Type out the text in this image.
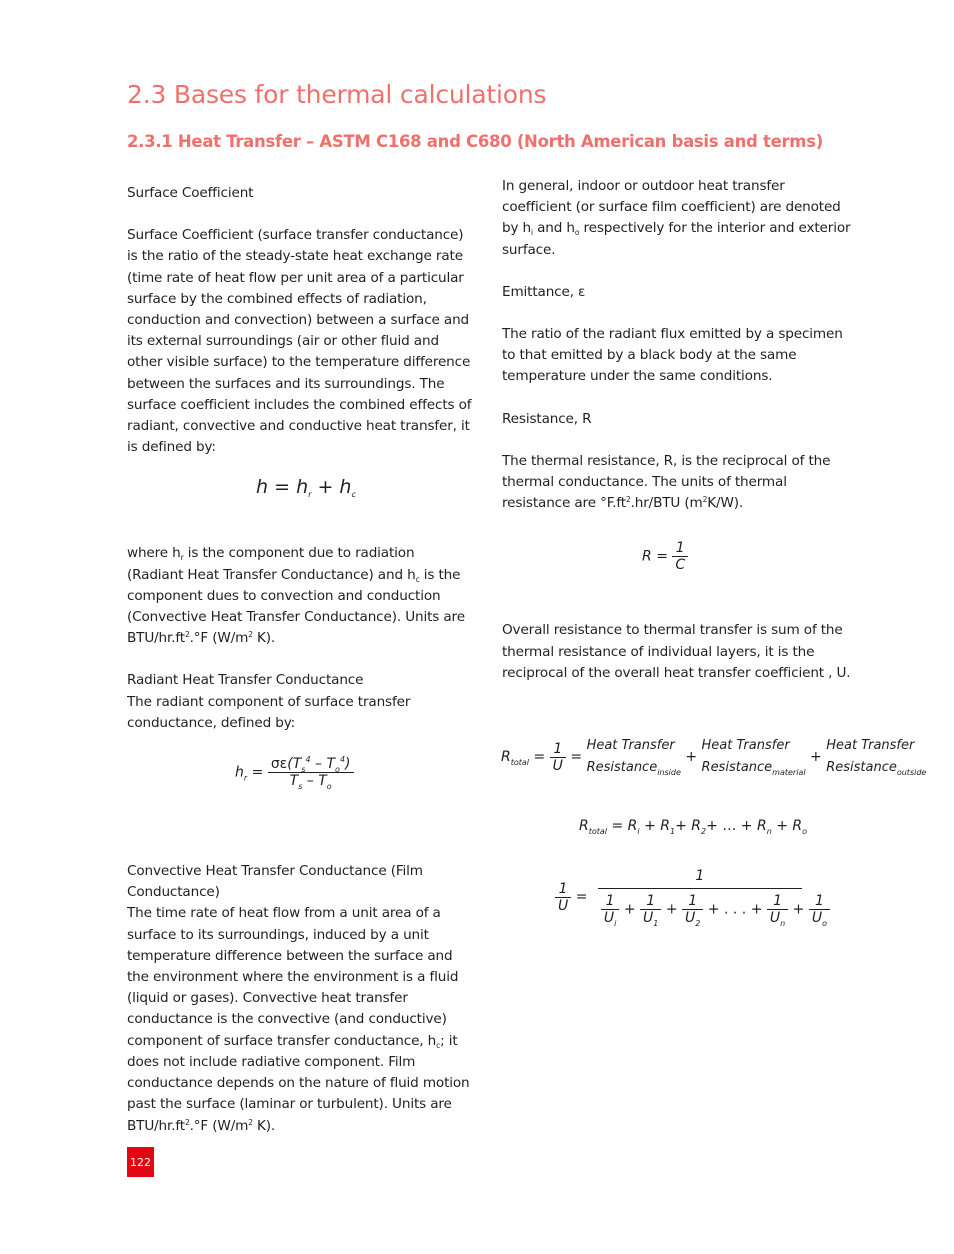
2.3 Bases for thermal calculations
2.3.1 Heat Transfer – ASTM C168 and C680 (North American basis and terms)

Surface Coefficient

Surface Coefficient (surface transfer conductance) is the ratio of the steady-state heat exchange rate (time rate of heat flow per unit area of a particular surface by the combined effects of radiation, conduction and convection) between a surface and its external surroundings (air or other fluid and other visible surface) to the temperature difference between the surfaces and its surroundings. The surface coefficient includes the combined effects of radiant, convective and conductive heat transfer, it is defined by:

where $h_r$ is the component due to radiation (Radiant Heat Transfer Conductance) and $h_c$ is the component dues to convection and conduction (Convective Heat Transfer Conductance). Units are BTU/$hr.ft^2.^\circ F$ ($W/m^2$ K).

Radiant Heat Transfer Conductance

The radiant component of surface transfer conductance, defined by:

Convective Heat Transfer Conductance (Film Conductance)

The time rate of heat flow from a unit area of a surface to its surroundings, induced by a unit temperature difference between the surface and the environment where the environment is a fluid (liquid or gases). Convective heat transfer conductance is the convective (and conductive) component of surface transfer conductance, $h_c$; it does not include radiative component. Film conductance depends on the nature of fluid motion past the surface (laminar or turbulent). Units are BTU/$hr.ft^2.^\circ F$ ($W/m^2$ K).

In general, indoor or outdoor heat transfer coefficient (or surface film coefficient) are denoted by $h_i$ and $h_o$ respectively for the interior and exterior surface.

Emittance, ε

The ratio of the radiant flux emitted by a specimen to that emitted by a black body at the same temperature under the same conditions.

Resistance, R

The thermal resistance, R, is the reciprocal of the thermal conductance. The units of thermal resistance are $^\circ F.ft^2.hr$/BTU $(m^2K/W)$.

Overall resistance to thermal transfer is sum of the thermal resistance of individual layers, it is the reciprocal of the overall heat transfer coefficient , U.

$h = h_r + h_c$
$h_r = \frac{\sigma\varepsilon(T_s^4 - T_o^4)}{T_s - T_o}$
$R = \frac{1}{C}$
$R_{total} = \frac{1}{U}$ = Heat Transfer
Resistance$_{inside}$ + Heat Transfer
Resistance$_{material}$ + Heat Transfer
Resistance$_{outside}$
$R_{total} = R_i + R_1+ R_2+$ … + $R_n + R_o$
$\frac{1}{U}$ =
1
$\frac{1}{U_i} + \frac{1}{U_1} + \frac{1}{U_2}$ + . . . + $\frac{1}{U_n} + \frac{1}{U_o}$
122
